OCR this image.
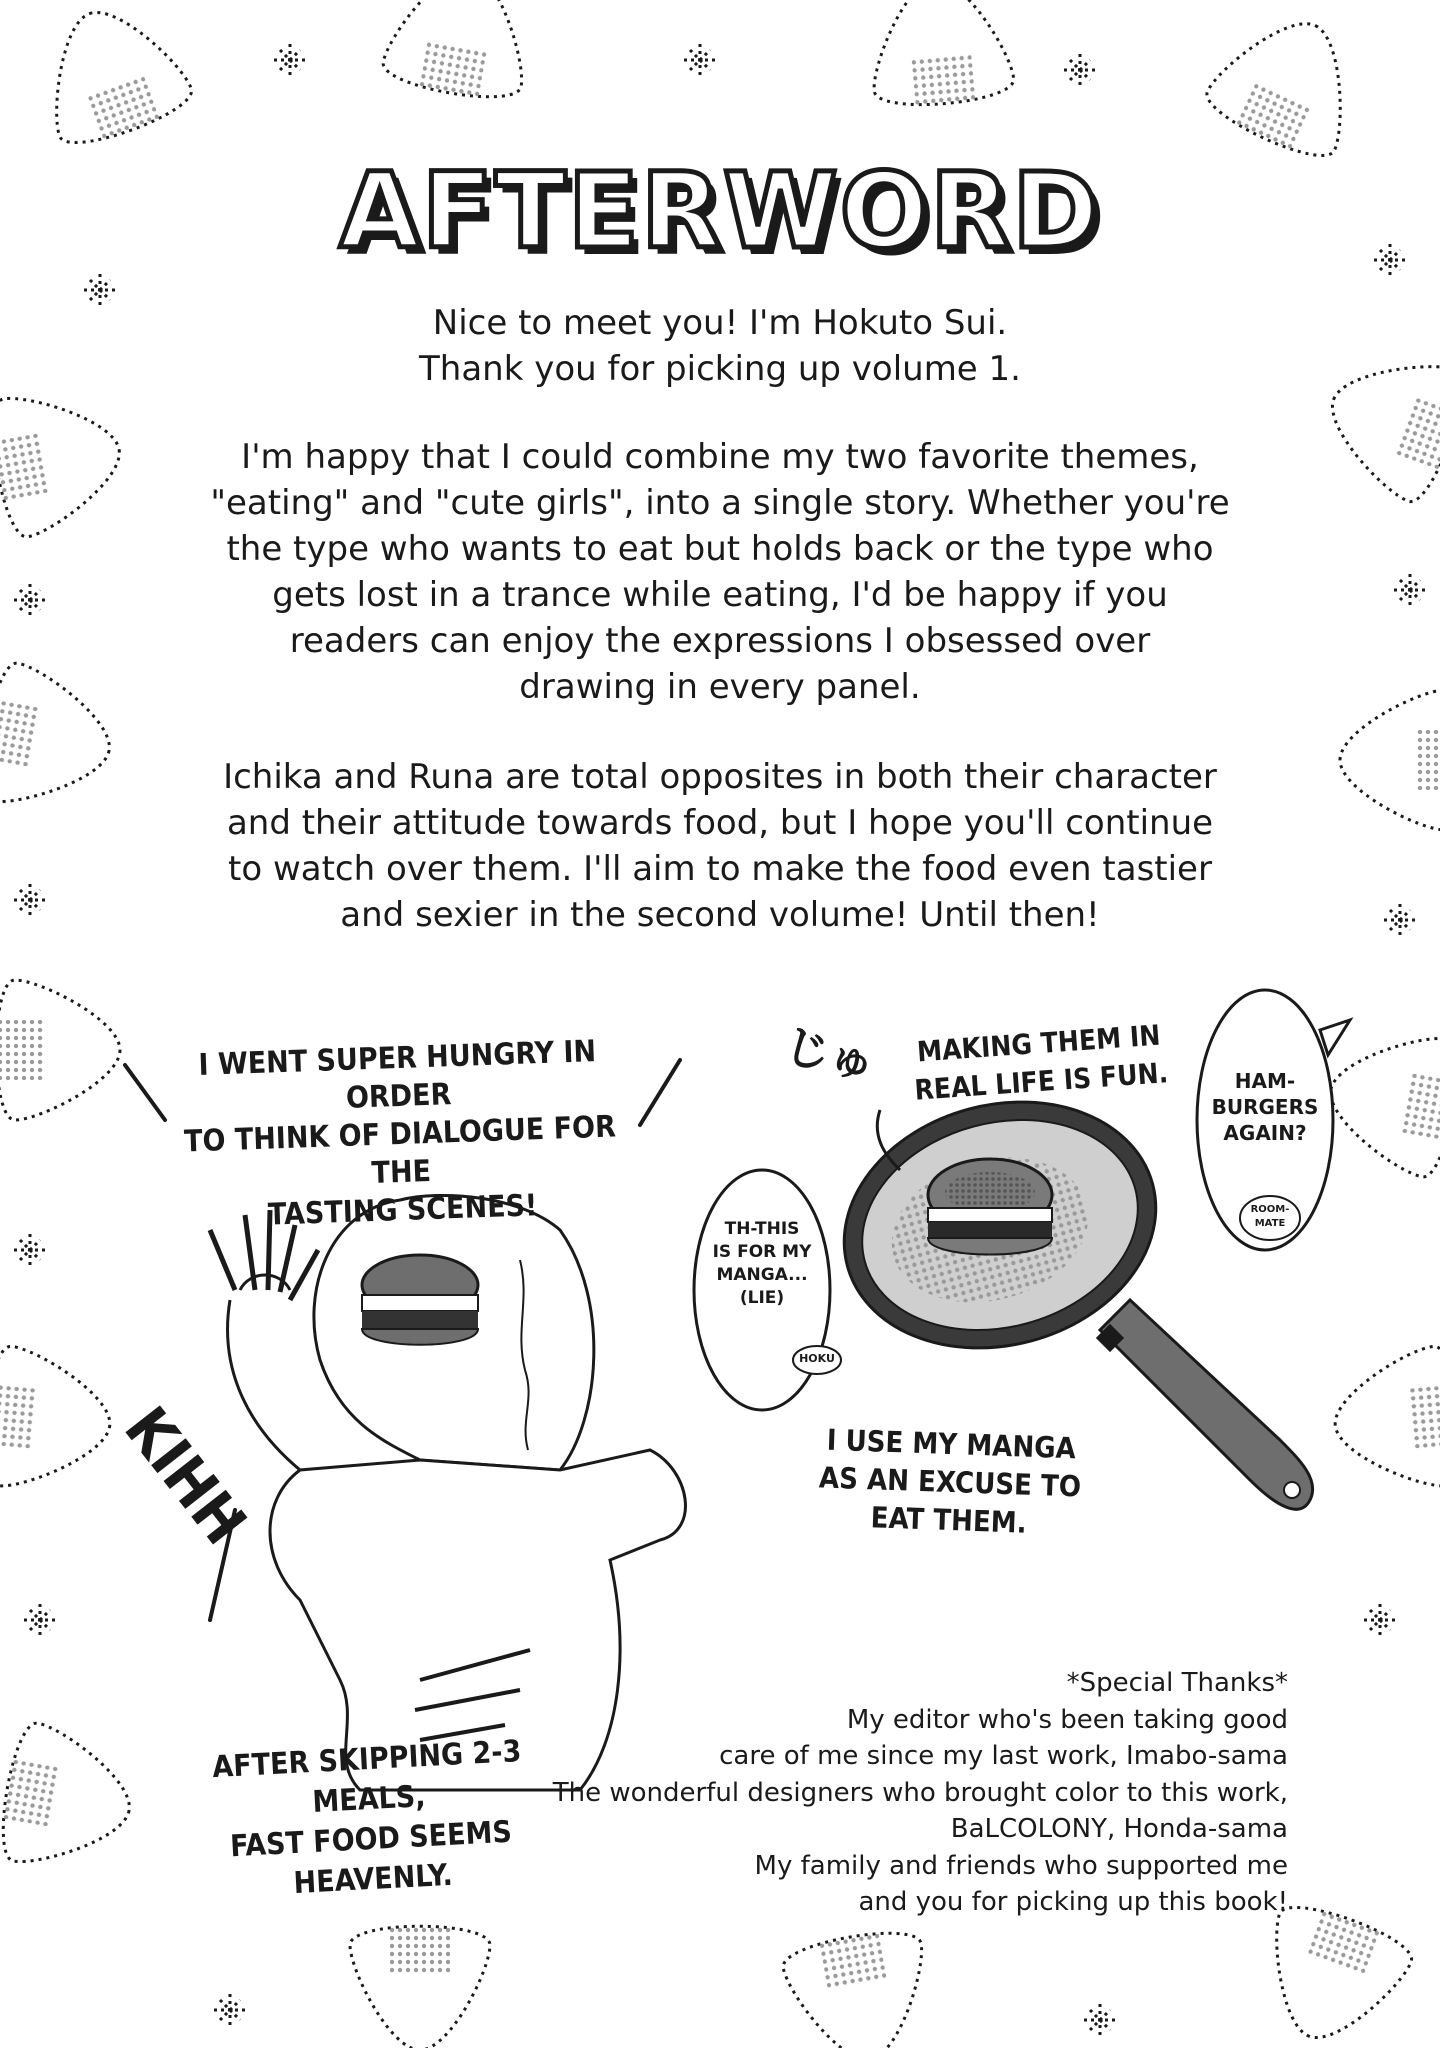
AFTERWORD
Nice to meet you! I'm Hokuto Sui.
Thank you for picking up volume 1.
I'm happy that I could combine my two favorite themes,
"eating" and "cute girls", into a single story. Whether you're
the type who wants to eat but holds back or the type who
gets lost in a trance while eating, I'd be happy if you
readers can enjoy the expressions I obsessed over
drawing in every panel.
Ichika and Runa are total opposites in both their character
and their attitude towards food, but I hope you'll continue
to watch over them. I'll aim to make the food even tastier
and sexier in the second volume! Until then!
I WENT SUPER HUNGRY IN ORDER
TO THINK OF DIALOGUE FOR THE
TASTING SCENES!
KIHH
AFTER SKIPPING 2-3 MEALS,
FAST FOOD SEEMS HEAVENLY.
じゅ	MAKING THEM IN
REAL LIFE IS FUN.
TH-THIS
IS FOR MY
MANGA...
(LIE)
HOKU
HAM-
BURGERS
AGAIN?
ROOM-
MATE
I USE MY MANGA
AS AN EXCUSE TO
EAT THEM.
*Special Thanks*
My editor who's been taking good
care of me since my last work, Imabo-sama
The wonderful designers who brought color to this work,
BaLCOLONY, Honda-sama
My family and friends who supported me
and you for picking up this book!
